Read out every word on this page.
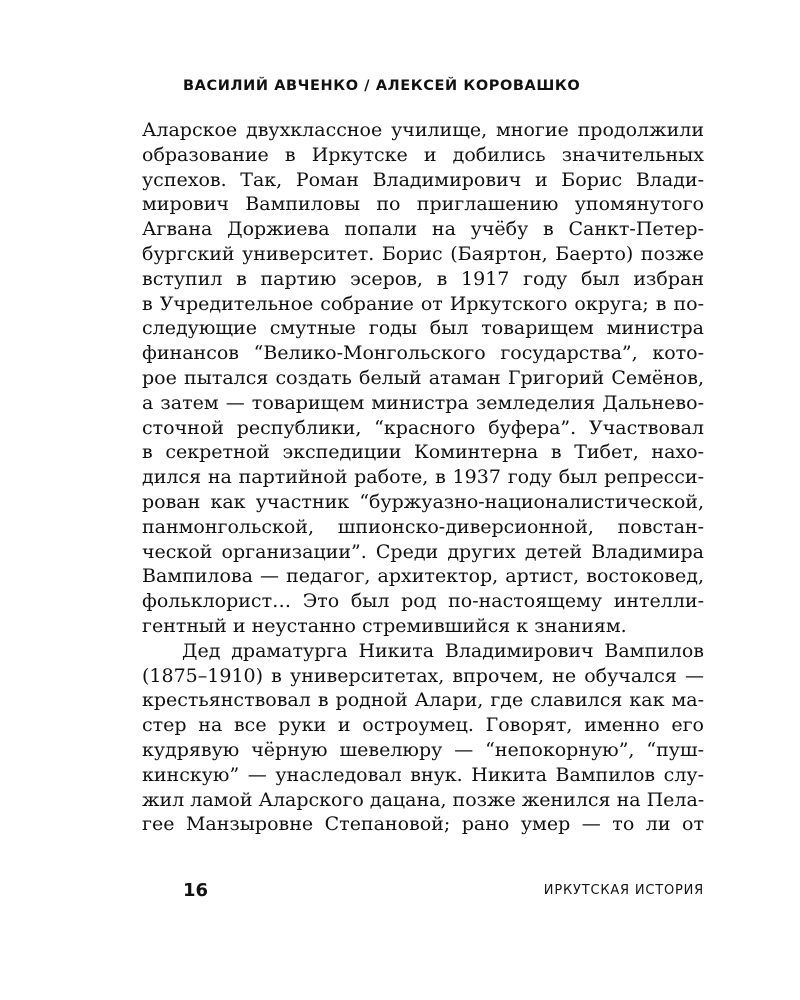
ВАСИЛИЙ АВЧЕНКО / АЛЕКСЕЙ КОРОВАШКО
Аларское двухклассное училище, многие продолжили
образование в Иркутске и добились значительных
успехов. Так, Роман Владимирович и Борис Влади-
мирович Вампиловы по приглашению упомянутого
Агвана Доржиева попали на учёбу в Санкт-Петер-
бургский университет. Борис (Баяртон, Баерто) позже
вступил в партию эсеров, в 1917 году был избран
в Учредительное собрание от Иркутского округа; в по-
следующие смутные годы был товарищем министра
финансов “Велико-Монгольского государства”, кото-
рое пытался создать белый атаман Григорий Семёнов,
а затем — товарищем министра земледелия Дальнево-
сточной республики, “красного буфера”. Участвовал
в секретной экспедиции Коминтерна в Тибет, нахо-
дился на партийной работе, в 1937 году был репресси-
рован как участник “буржуазно-националистической,
панмонгольской, шпионско-диверсионной, повстан-
ческой организации”. Среди других детей Владимира
Вампилова — педагог, архитектор, артист, востоковед,
фольклорист… Это был род по-настоящему интелли-
гентный и неустанно стремившийся к знаниям.
Дед драматурга Никита Владимирович Вампилов
(1875–1910) в университетах, впрочем, не обучался —
крестьянствовал в родной Алари, где славился как ма-
стер на все руки и остроумец. Говорят, именно его
кудрявую чёрную шевелюру — “непокорную”, “пуш-
кинскую” — унаследовал внук. Никита Вампилов слу-
жил ламой Аларского дацана, позже женился на Пела-
гее Манзыровне Степановой; рано умер — то ли от
16	ИРКУТСКАЯ ИСТОРИЯ
